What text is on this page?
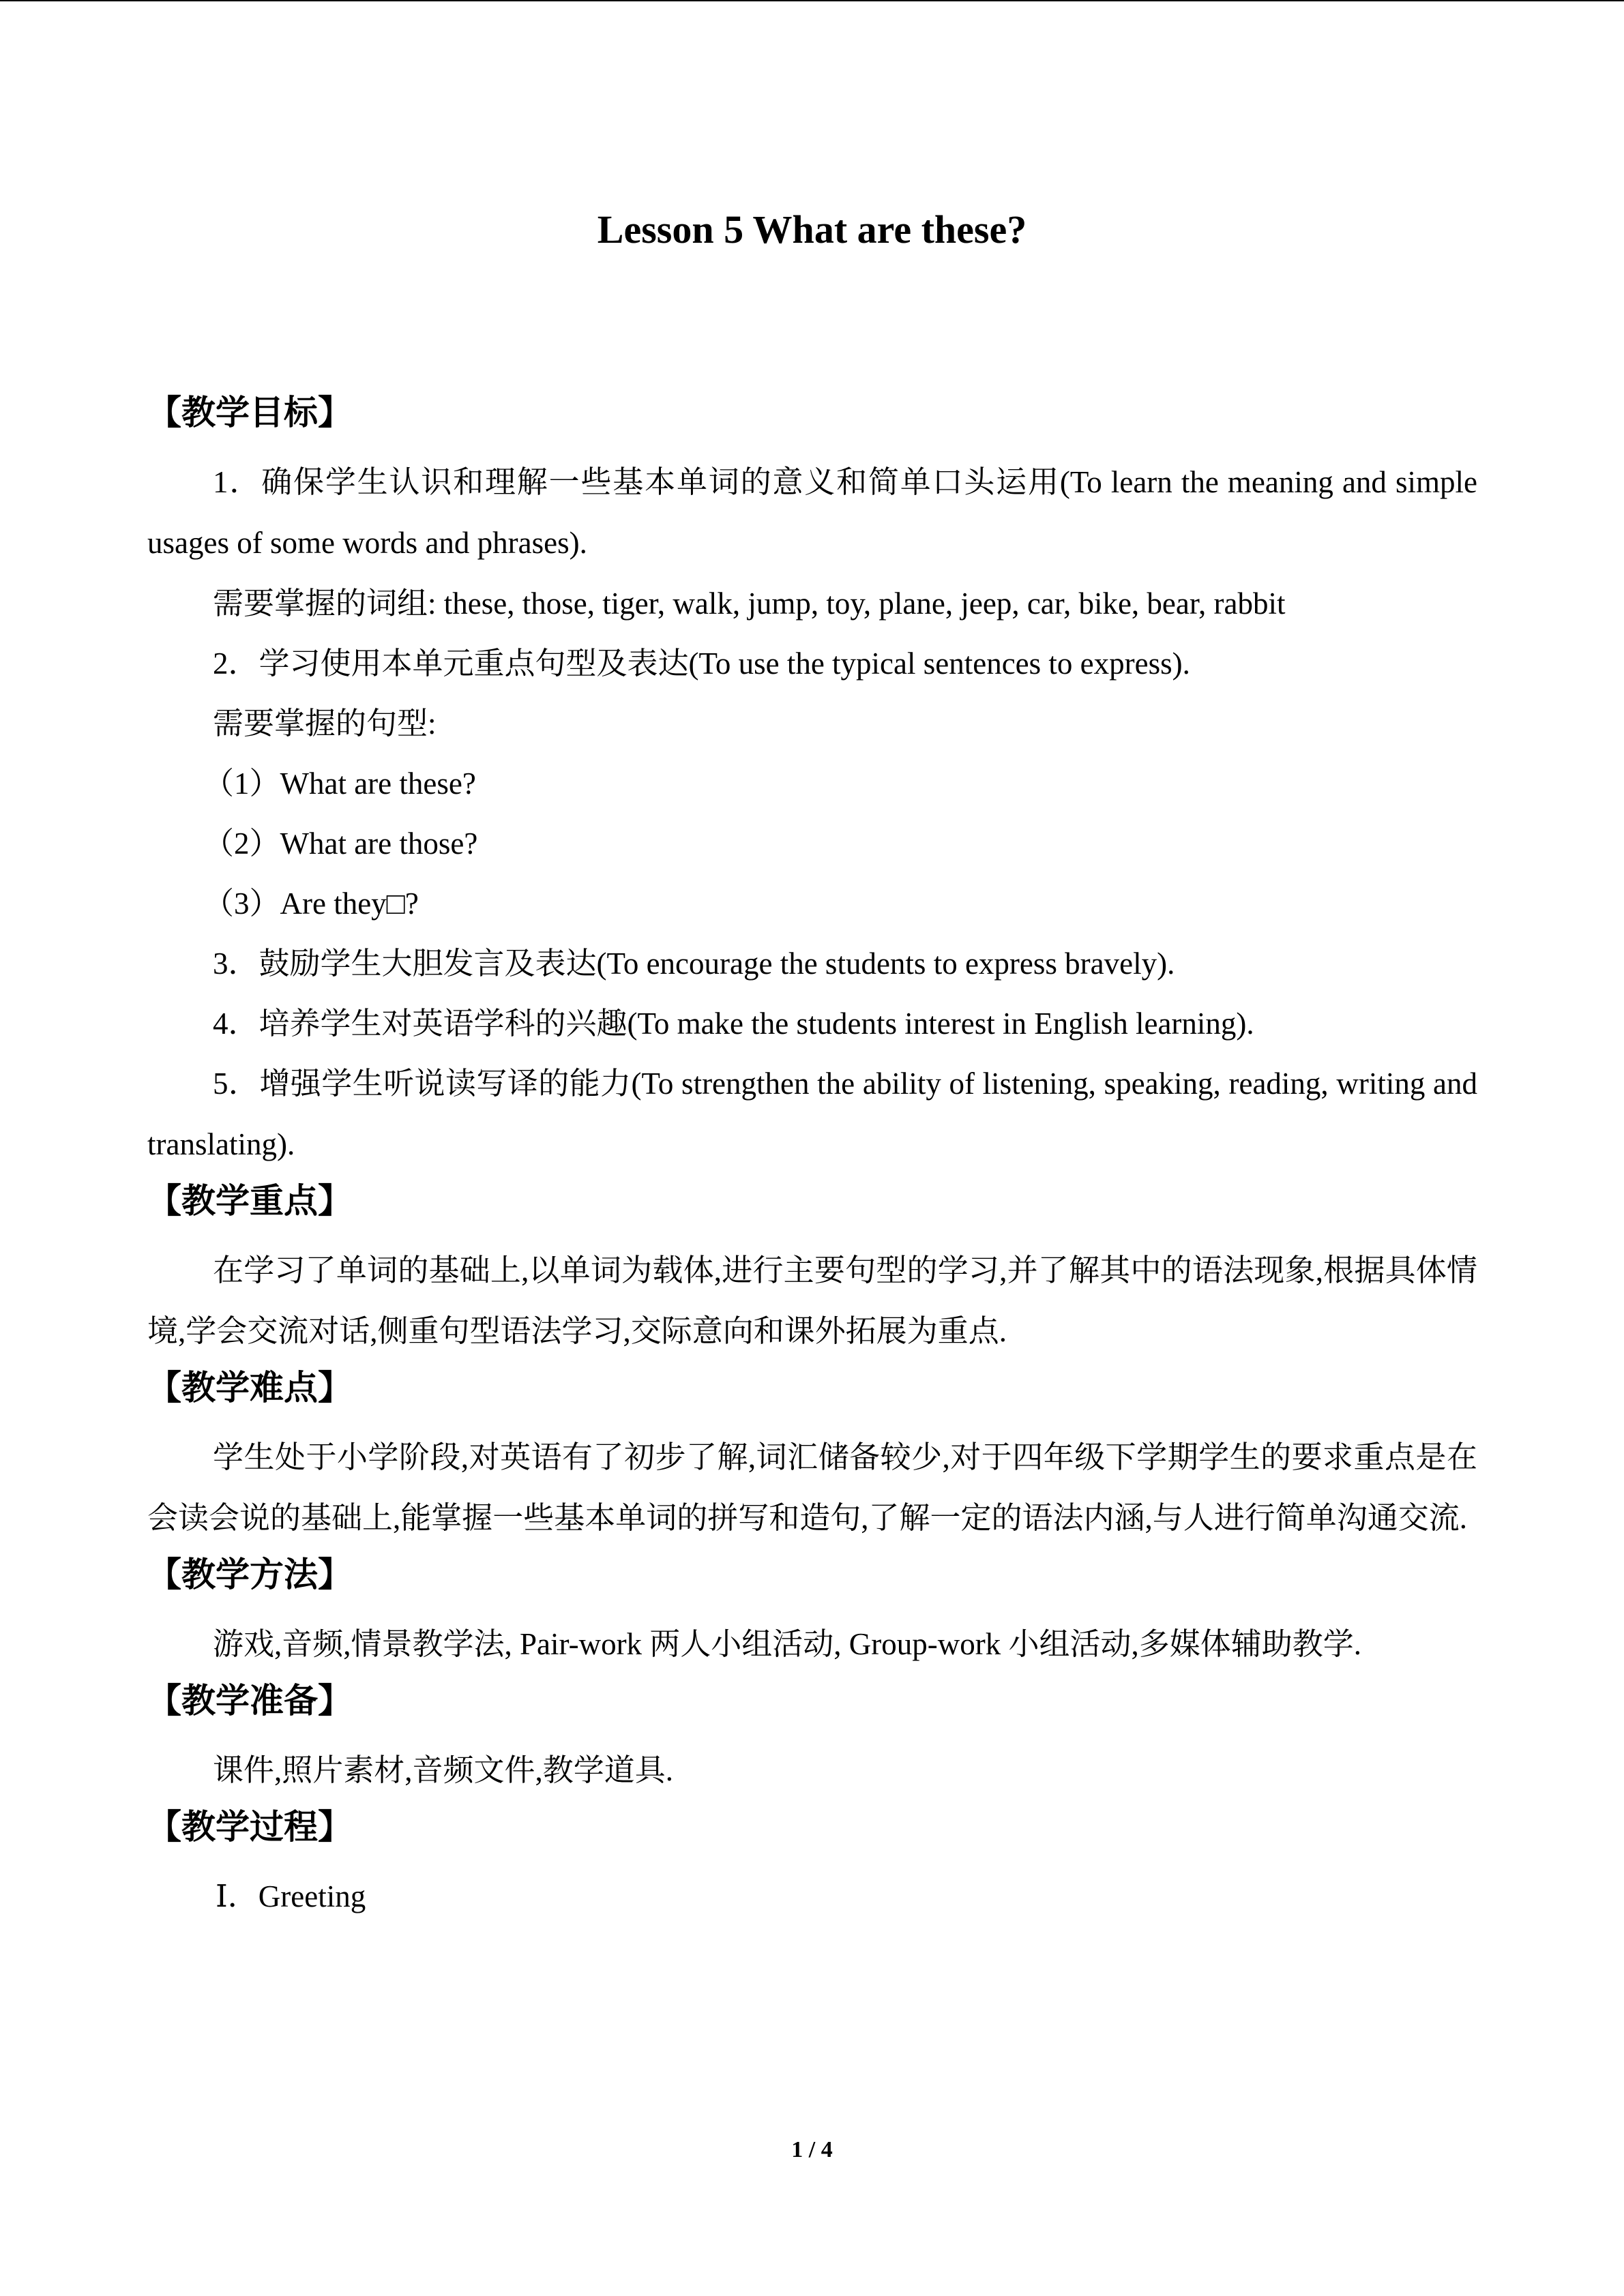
Lesson 5 What are these?
【教学目标】

1．确保学生认识和理解一些基本单词的意义和简单口头运用(To learn the meaning and simple usages of some words and phrases).

需要掌握的词组: these, those, tiger, walk, jump, toy, plane, jeep, car, bike, bear, rabbit

2．学习使用本单元重点句型及表达(To use the typical sentences to express).

需要掌握的句型:

（1）What are these?

（2）What are those?

（3）Are they□?

3．鼓励学生大胆发言及表达(To encourage the students to express bravely).

4．培养学生对英语学科的兴趣(To make the students interest in English learning).

5．增强学生听说读写译的能力(To strengthen the ability of listening, speaking, reading, writing and translating).

【教学重点】

在学习了单词的基础上,以单词为载体,进行主要句型的学习,并了解其中的语法现象,根据具体情境,学会交流对话,侧重句型语法学习,交际意向和课外拓展为重点.

【教学难点】

学生处于小学阶段,对英语有了初步了解,词汇储备较少,对于四年级下学期学生的要求重点是在会读会说的基础上,能掌握一些基本单词的拼写和造句,了解一定的语法内涵,与人进行简单沟通交流.

【教学方法】

游戏,音频,情景教学法, Pair-work 两人小组活动, Group-work 小组活动,多媒体辅助教学.

【教学准备】

课件,照片素材,音频文件,教学道具.

【教学过程】

Ⅰ．Greeting

1 / 4
